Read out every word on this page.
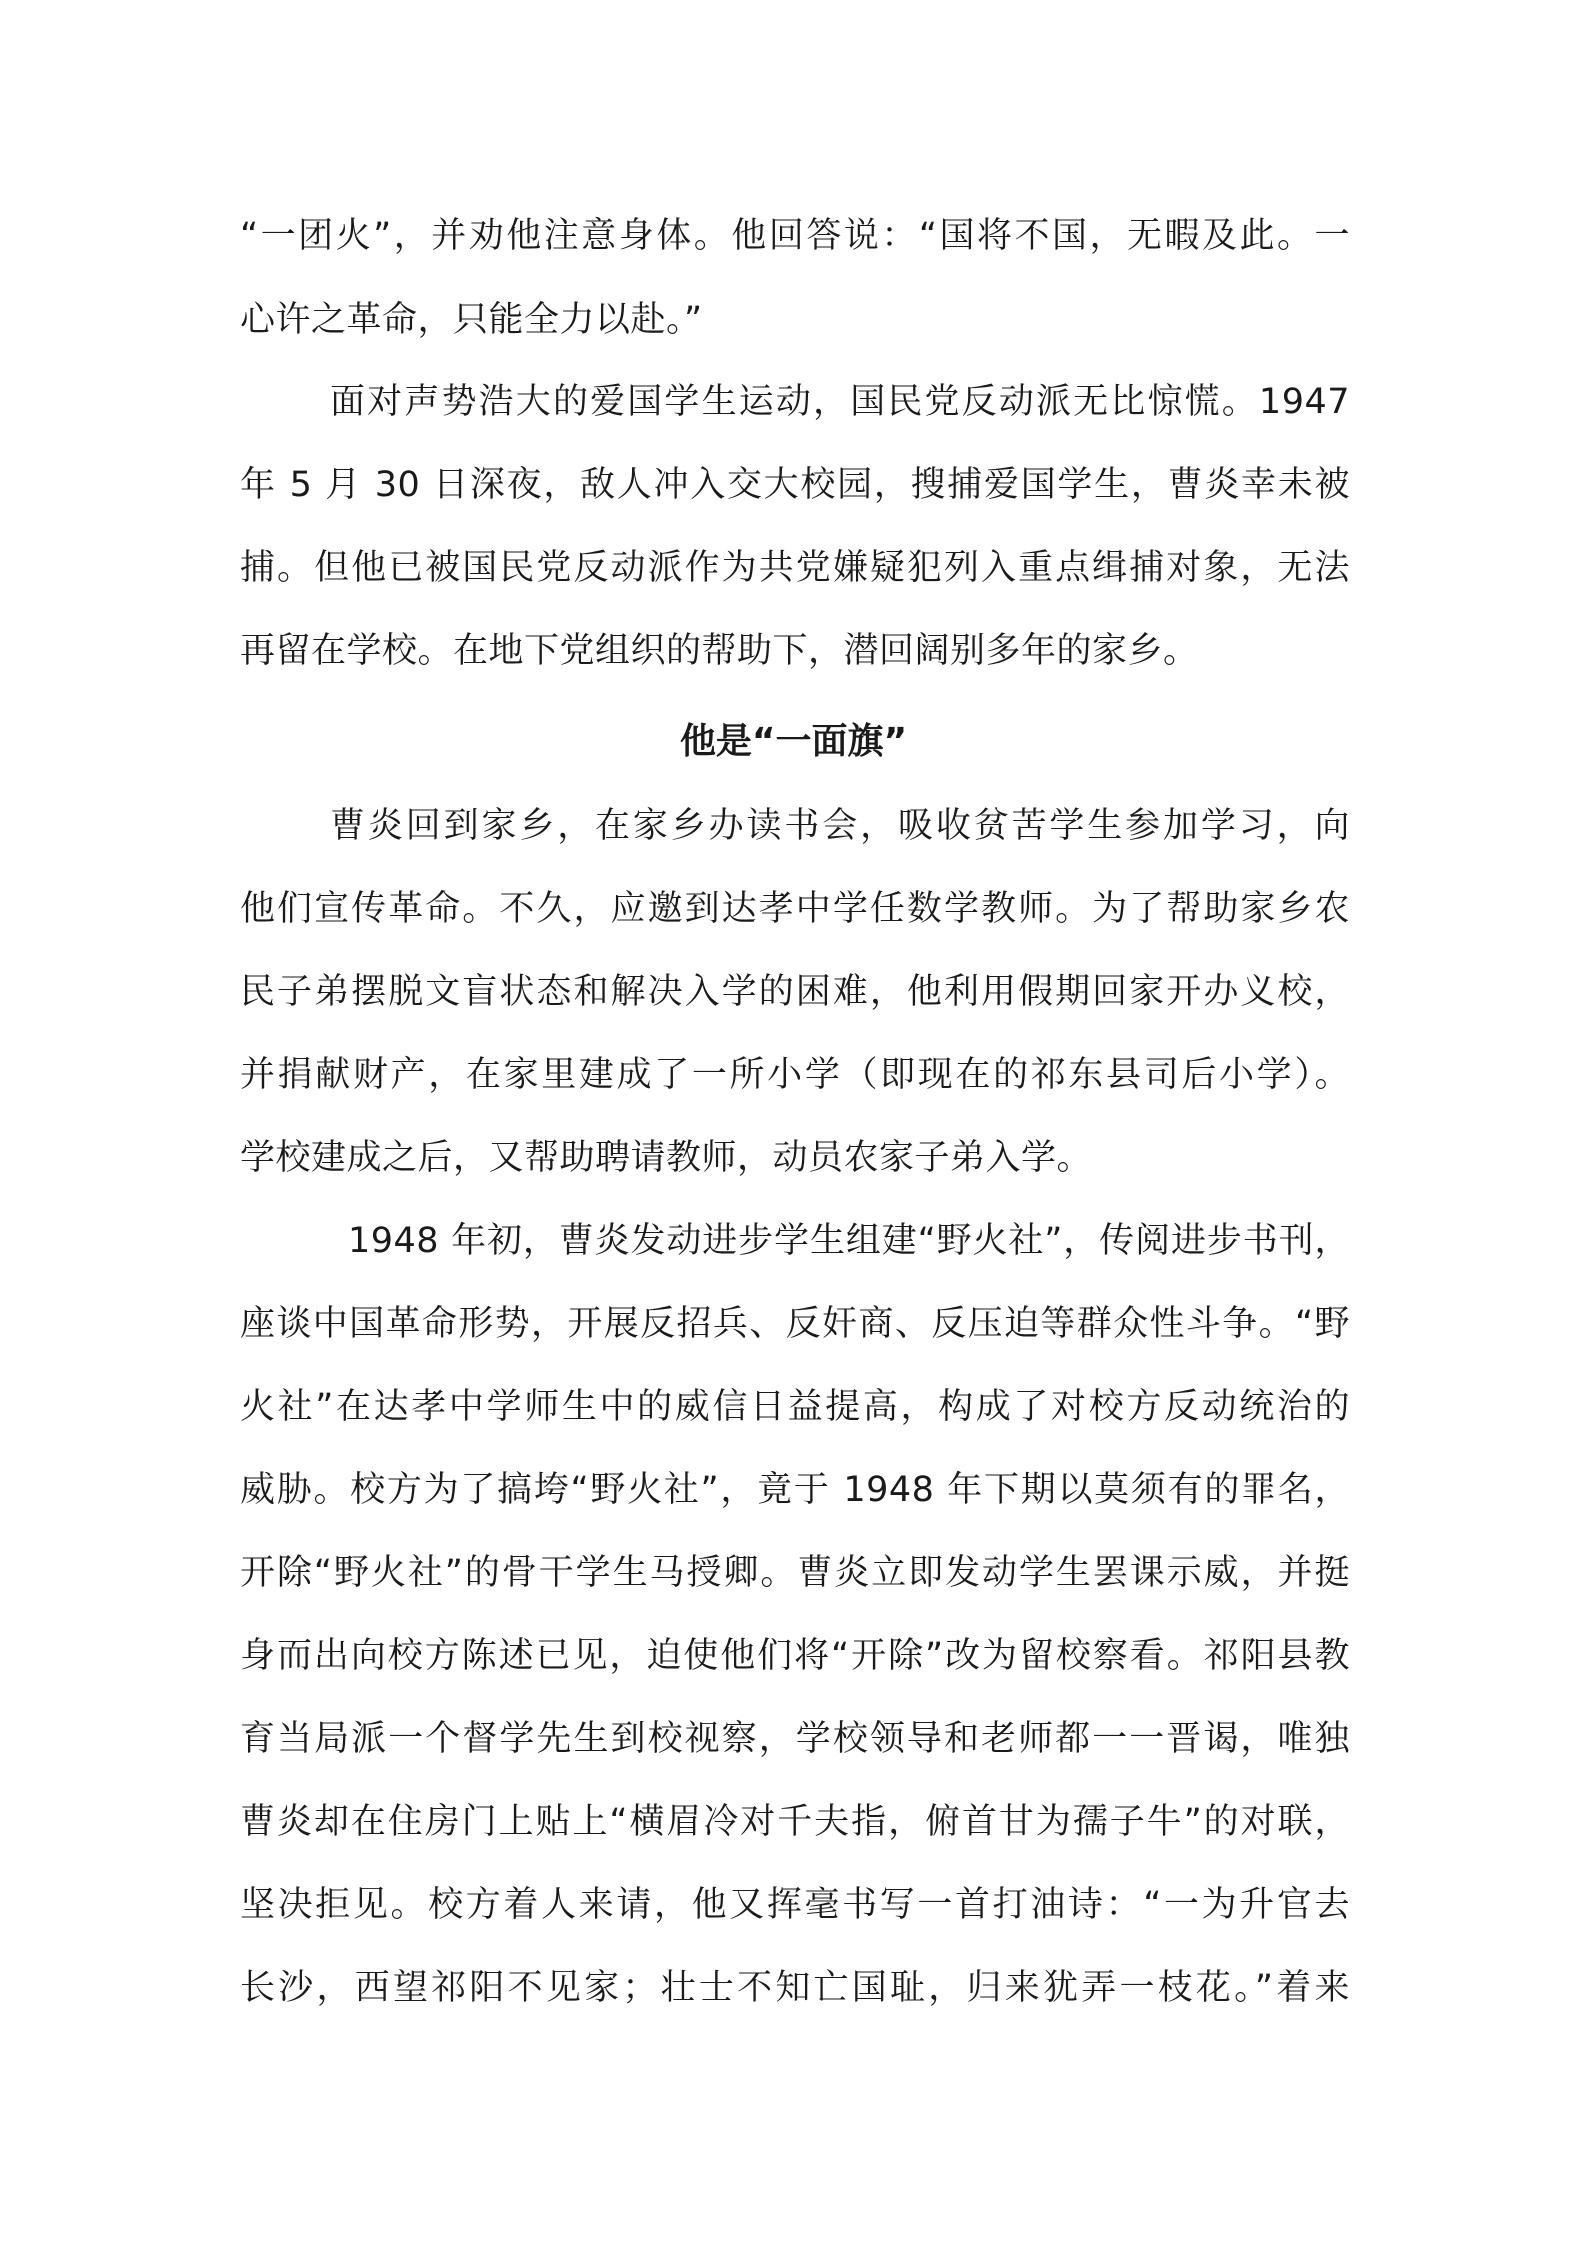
“一团火”，并劝他注意身体。他回答说：“国将不国，无暇及此。一
心许之革命，只能全力以赴。”
面对声势浩大的爱国学生运动，国民党反动派无比惊慌。1947
年 5 月 30 日深夜，敌人冲入交大校园，搜捕爱国学生，曹炎幸未被
捕。但他已被国民党反动派作为共党嫌疑犯列入重点缉捕对象，无法
再留在学校。在地下党组织的帮助下，潜回阔别多年的家乡。
他是“一面旗”
曹炎回到家乡，在家乡办读书会，吸收贫苦学生参加学习，向
他们宣传革命。不久，应邀到达孝中学任数学教师。为了帮助家乡农
民子弟摆脱文盲状态和解决入学的困难，他利用假期回家开办义校，
并捐献财产，在家里建成了一所小学（即现在的祁东县司后小学）。
学校建成之后，又帮助聘请教师，动员农家子弟入学。
1948 年初，曹炎发动进步学生组建“野火社”，传阅进步书刊，
座谈中国革命形势，开展反招兵、反奸商、反压迫等群众性斗争。“野
火社”在达孝中学师生中的威信日益提高，构成了对校方反动统治的
威胁。校方为了搞垮“野火社”，竟于 1948 年下期以莫须有的罪名，
开除“野火社”的骨干学生马授卿。曹炎立即发动学生罢课示威，并挺
身而出向校方陈述已见，迫使他们将“开除”改为留校察看。祁阳县教
育当局派一个督学先生到校视察，学校领导和老师都一一晋谒，唯独
曹炎却在住房门上贴上“横眉冷对千夫指，俯首甘为孺子牛”的对联，
坚决拒见。校方着人来请，他又挥毫书写一首打油诗：“一为升官去
长沙，西望祁阳不见家；壮士不知亡国耻，归来犹弄一枝花。”着来
